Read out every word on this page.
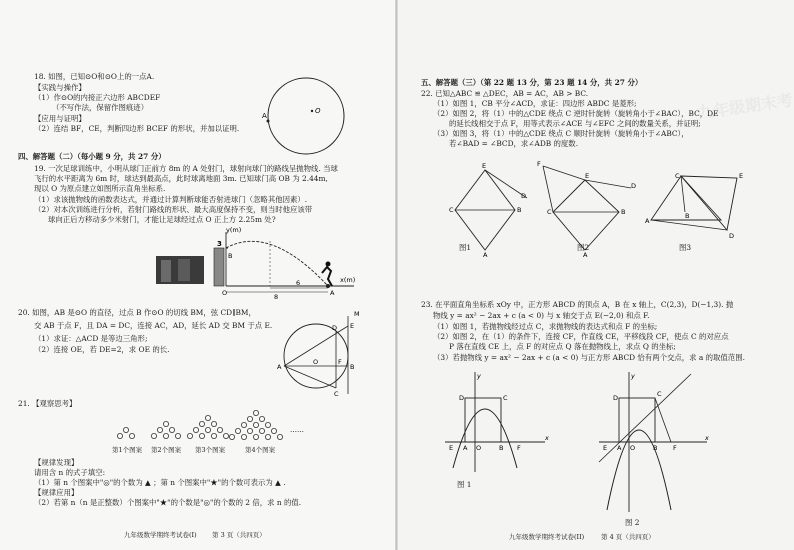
18. 如图，已知⊙O和⊙O上的一点A.
【实践与操作】
（1）作⊙O的内接正六边形 ABCDEF
（不写作法，保留作图痕迹）
【应用与证明】
（2）连结 BF，CE，判断四边形 BCEF 的形状，并加以证明.
A
O
四、解答题（二）（每小题 9 分，共 27 分）
19. 一次足球训练中，小明从球门正前方 8m 的 A 处射门，球射向球门的路线呈抛物线. 当球
飞行的水平距离为 6m 时，球达到最高点，此时球离地面 3m. 已知球门高 OB 为 2.44m,
现以 O 为原点建立如图所示直角坐标系.
（1）求该抛物线的函数表达式，并通过计算判断球能否射进球门（忽略其他因素）.
（2）对本次训练进行分析，若射门路线的形状、最大高度保持不变，则当时他应该带
球向正后方移动多少米射门，才能让足球经过点 O 正上方 2.25m 处?
y(m)
x(m)
3
B
O	A
6
8
20. 如图，AB 是⊙O 的直径，过点 B 作⊙O 的切线 BM，弦 CD∥BM，
交 AB 于点 F，且 DA = DC，连接 AC，AD，延长 AD 交 BM 于点 E.
（1）求证：△ACD 是等边三角形;
（2）连接 OE，若 DE=2，求 OE 的长.
M
E
D
A
O	F
B
C
21. 【观察思考】
……
第1个图案 第2个图案 第3个图案	第4个图案
【规律发现】
请用含 n 的式子填空:
（1）第 n 个图案中"◎"的个数为 ▲ ；第 n 个图案中"★"的个数可表示为 ▲ .
【规律应用】
（2）若第 n（n 是正整数）个图案中"★"的个数是"◎"的个数的 2 倍，求 n 的值.
九年级数学期终考试卷(I) 第 3 页（共四页）
九年级期末考
五、解答题（三）（第 22 题 13 分，第 23 题 14 分，共 27 分）
22. 已知△ABC ≌ △DEC，AB = AC，AB > BC.
（1）如图 1，CB 平分∠ACD，求证：四边形 ABDC 是菱形;
（2）如图 2，将（1）中的△CDE 绕点 C 逆时针旋转（旋转角小于∠BAC），BC，DE
的延长线相交于点 F，用等式表示∠ACE 与∠EFC 之间的数量关系，并证明;
（3）如图 3，将（1）中的△CDE 绕点 C 顺时针旋转（旋转角小于∠ABC），
若∠BAD = ∠BCD，求∠ADB 的度数.
E
C	B
A
D
图1
F
E
D
C	B
A
图2
C	E
A
B
D
图3
23. 在平面直角坐标系 xOy 中，正方形 ABCD 的顶点 A，B 在 x 轴上，C(2,3)，D(−1,3). 抛
物线 y = ax² − 2ax + c (a < 0) 与 x 轴交于点 E(−2,0) 和点 F.
（1）如图 1，若抛物线经过点 C，求抛物线的表达式和点 F 的坐标;
（2）如图 2，在（1）的条件下，连接 CF，作直线 CE，平移线段 CF，使点 C 的对应点
P 落在直线 CE 上，点 F 的对应点 Q 落在抛物线上，求点 Q 的坐标;
（3）若抛物线 y = ax² − 2ax + c (a < 0) 与正方形 ABCD 恰有两个交点，求 a 的取值范围.
y
x
D	C
E A O	B F
图 1
y
x
D	C
E A O	B F
图 2
九年级数学期终考试卷(II)	第 4 页（共四页）
